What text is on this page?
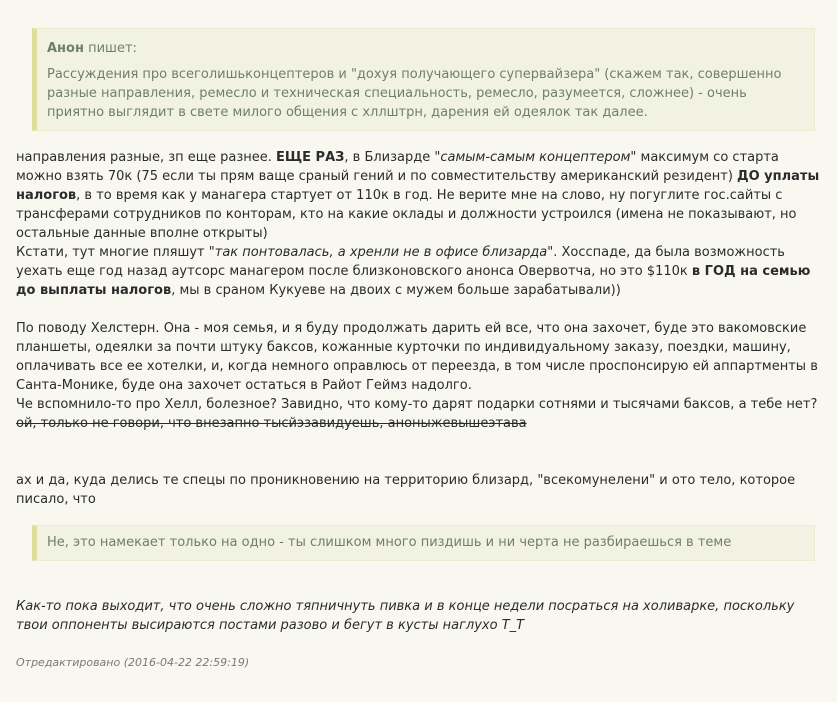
Анон пишет:
Рассуждения про всеголишьконцептеров и "дохуя получающего супервайзера" (скажем так, совершенно разные направления, ремесло и техническая специальность, ремесло, разумеется, сложнее) - очень приятно выглядит в свете милого общения с хллштрн, дарения ей одеялок так далее.

направления разные, зп еще разнее. ЕЩЕ РАЗ, в Близарде "самым-самым концептером" максимум со старта можно взять 70к (75 если ты прям ваще сраный гений и по совместительству американский резидент) ДО уплаты налогов, в то время как у манагера стартует от 110к в год. Не верите мне на слово, ну погуглите гос.сайты с трансферами сотрудников по конторам, кто на какие оклады и должности устроился (имена не показывают, но остальные данные вполне открыты)
Кстати, тут многие пляшут "так понтовалась, а хренли не в офисе близарда". Хосспаде, да была возможность уехать еще год назад аутсорс манагером после близконовского анонса Овервотча, но это $110к в ГОД на семью до выплаты налогов, мы в сраном Кукуеве на двоих с мужем больше зарабатывали))

По поводу Хелстерн. Она - моя семья, и я буду продолжать дарить ей все, что она захочет, буде это вакомовские планшеты, одеялки за почти штуку баксов, кожанные курточки по индивидуальному заказу, поездки, машину, оплачивать все ее хотелки, и, когда немного оправлюсь от переезда, в том числе проспонсирую ей аппартменты в Санта-Монике, буде она захочет остаться в Райот Геймз надолго.
Че вспомнило-то про Хелл, болезное? Завидно, что кому-то дарят подарки сотнями и тысячами баксов, а тебе нет?
ой, только не говори, что внезапно тысйэзавидуешь, аноныжевышеэтава

ах и да, куда делись те спецы по проникновению на территорию близард, "всекомунелени" и ото тело, которое писало, что

Не, это намекает только на одно - ты слишком много пиздишь и ни черта не разбираешься в теме

Как-то пока выходит, что очень сложно тяпничнуть пивка и в конце недели посраться на холиварке, поскольку твои оппоненты высираются постами разово и бегут в кусты наглухо T_T

Отредактировано (2016-04-22 22:59:19)
